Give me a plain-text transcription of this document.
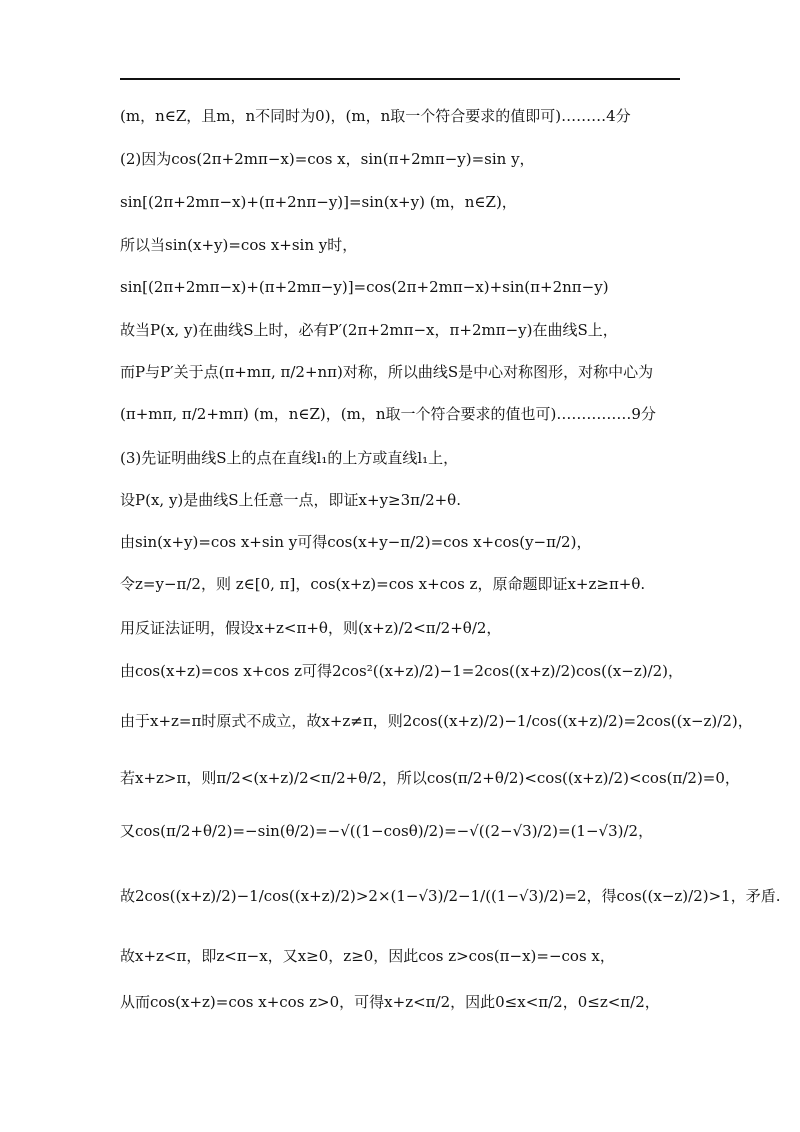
(m，n∈Z，且m，n不同时为0)，(m，n取一个符合要求的值即可)………4分
(2)因为cos(2π+2mπ−x)=cos x，sin(π+2mπ−y)=sin y，
sin[(2π+2mπ−x)+(π+2nπ−y)]=sin(x+y) (m，n∈Z)，
所以当sin(x+y)=cos x+sin y时，
sin[(2π+2mπ−x)+(π+2mπ−y)]=cos(2π+2mπ−x)+sin(π+2nπ−y)
故当P(x, y)在曲线S上时，必有P′(2π+2mπ−x，π+2mπ−y)在曲线S上，
而P与P′关于点(π+mπ, π/2+nπ)对称，所以曲线S是中心对称图形，对称中心为
(π+mπ, π/2+mπ) (m，n∈Z)，(m，n取一个符合要求的值也可)……………9分
(3)先证明曲线S上的点在直线l₁的上方或直线l₁上，
设P(x, y)是曲线S上任意一点，即证x+y≥3π/2+θ.
由sin(x+y)=cos x+sin y可得cos(x+y−π/2)=cos x+cos(y−π/2)，
令z=y−π/2，则 z∈[0, π]，cos(x+z)=cos x+cos z，原命题即证x+z≥π+θ.
用反证法证明，假设x+z<π+θ，则(x+z)/2<π/2+θ/2，
由cos(x+z)=cos x+cos z可得2cos²((x+z)/2)−1=2cos((x+z)/2)cos((x−z)/2)，
由于x+z=π时原式不成立，故x+z≠π，则2cos((x+z)/2)−1/cos((x+z)/2)=2cos((x−z)/2)，
若x+z>π，则π/2<(x+z)/2<π/2+θ/2，所以cos(π/2+θ/2)<cos((x+z)/2)<cos(π/2)=0，
又cos(π/2+θ/2)=−sin(θ/2)=−√((1−cosθ)/2)=−√((2−√3)/2)=(1−√3)/2，
故2cos((x+z)/2)−1/cos((x+z)/2)>2×(1−√3)/2−1/((1−√3)/2)=2，得cos((x−z)/2)>1，矛盾.
故x+z<π，即z<π−x，又x≥0，z≥0，因此cos z>cos(π−x)=−cos x，
从而cos(x+z)=cos x+cos z>0，可得x+z<π/2，因此0≤x<π/2，0≤z<π/2，
